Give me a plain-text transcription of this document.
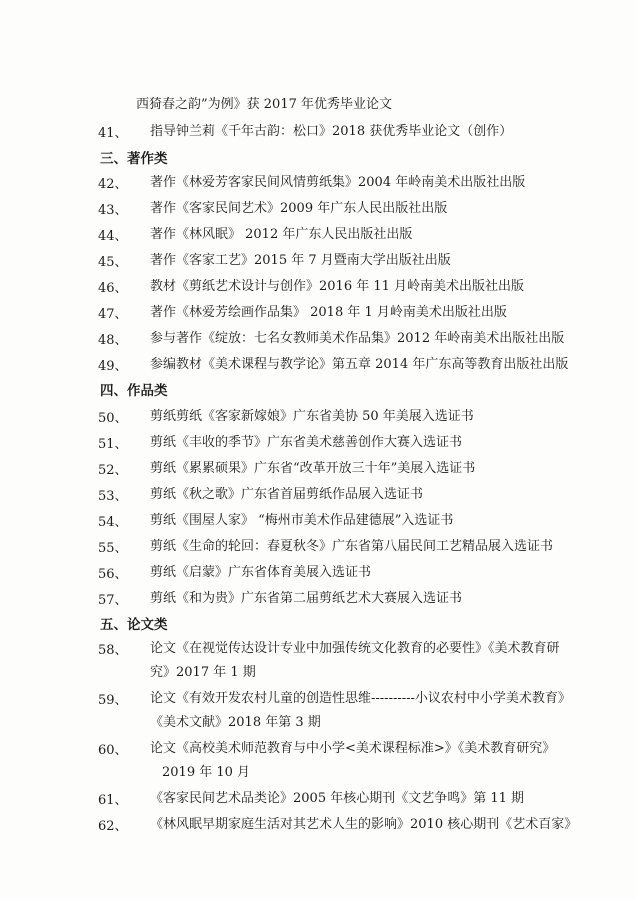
西猗春之韵”为例》获 2017 年优秀毕业论文
41、 指导钟兰莉《千年古韵：松口》2018 获优秀毕业论文（创作）
三、著作类
42、 著作《林爱芳客家民间风情剪纸集》2004 年岭南美术出版社出版
43、 著作《客家民间艺术》2009 年广东人民出版社出版
44、 著作《林风眠》 2012 年广东人民出版社出版
45、 著作《客家工艺》2015 年 7 月暨南大学出版社出版
46、 教材《剪纸艺术设计与创作》2016 年 11 月岭南美术出版社出版
47、 著作《林爱芳绘画作品集》 2018 年 1 月岭南美术出版社出版
48、 参与著作《绽放：七名女教师美术作品集》2012 年岭南美术出版社出版
49、 参编教材《美术课程与教学论》第五章 2014 年广东高等教育出版社出版
四、作品类
50、 剪纸剪纸《客家新嫁娘》广东省美协 50 年美展入选证书
51、 剪纸《丰收的季节》广东省美术慈善创作大赛入选证书
52、 剪纸《累累硕果》广东省“改革开放三十年”美展入选证书
53、 剪纸《秋之歌》广东省首届剪纸作品展入选证书
54、 剪纸《围屋人家》 “梅州市美术作品建德展”入选证书
55、 剪纸《生命的轮回：春夏秋冬》广东省第八届民间工艺精品展入选证书
56、 剪纸《启蒙》广东省体育美展入选证书
57、 剪纸《和为贵》广东省第二届剪纸艺术大赛展入选证书
五、论文类
58、 论文《在视觉传达设计专业中加强传统文化教育的必要性》《美术教育研
究》2017 年 1 期
59、 论文《有效开发农村儿童的创造性思维----------小议农村中小学美术教育》
《美术文献》2018 年第 3 期
60、 论文《高校美术师范教育与中小学<美术课程标准>》《美术教育研究》
2019 年 10 月
61、 《客家民间艺术品类论》2005 年核心期刊《文艺争鸣》第 11 期
62、 《林风眠早期家庭生活对其艺术人生的影响》2010 核心期刊《艺术百家》
